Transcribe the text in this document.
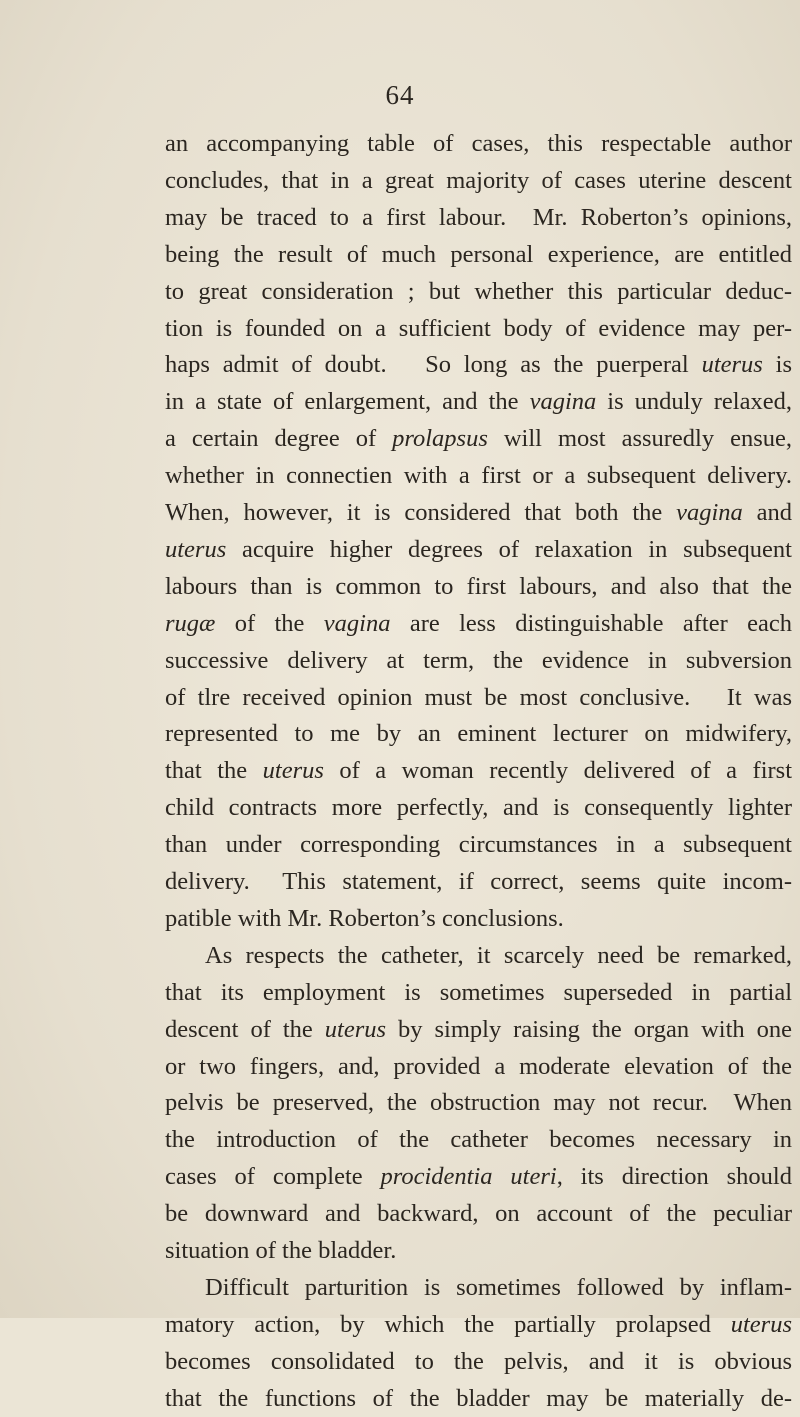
64
an accompanying table of cases, this respectable author
concludes, that in a great majority of cases uterine descent
may be traced to a first labour.  Mr. Roberton’s opinions,
being the result of much personal experience, are entitled
to great consideration ; but whether this particular deduc-
tion is founded on a sufficient body of evidence may per-
haps admit of doubt.   So long as the puerperal uterus is
in a state of enlargement, and the vagina is unduly relaxed,
a certain degree of prolapsus will most assuredly ensue,
whether in connectien with a first or a subsequent delivery.
When, however, it is considered that both the vagina and
uterus acquire higher degrees of relaxation in subsequent
labours than is common to first labours, and also that the
rugæ of the vagina are less distinguishable after each
successive delivery at term, the evidence in subversion
of tlre received opinion must be most conclusive.   It was
represented to me by an eminent lecturer on midwifery,
that the uterus of a woman recently delivered of a first
child contracts more perfectly, and is consequently lighter
than under corresponding circumstances in a subsequent
delivery.  This statement, if correct, seems quite incom-
patible with Mr. Roberton’s conclusions.
As respects the catheter, it scarcely need be remarked,
that its employment is sometimes superseded in partial
descent of the uterus by simply raising the organ with one
or two fingers, and, provided a moderate elevation of the
pelvis be preserved, the obstruction may not recur.  When
the introduction of the catheter becomes necessary in
cases of complete procidentia uteri, its direction should
be downward and backward, on account of the peculiar
situation of the bladder.
Difficult parturition is sometimes followed by inflam-
matory action, by which the partially prolapsed uterus
becomes consolidated to the pelvis, and it is obvious
that the functions of the bladder may be materially de-
